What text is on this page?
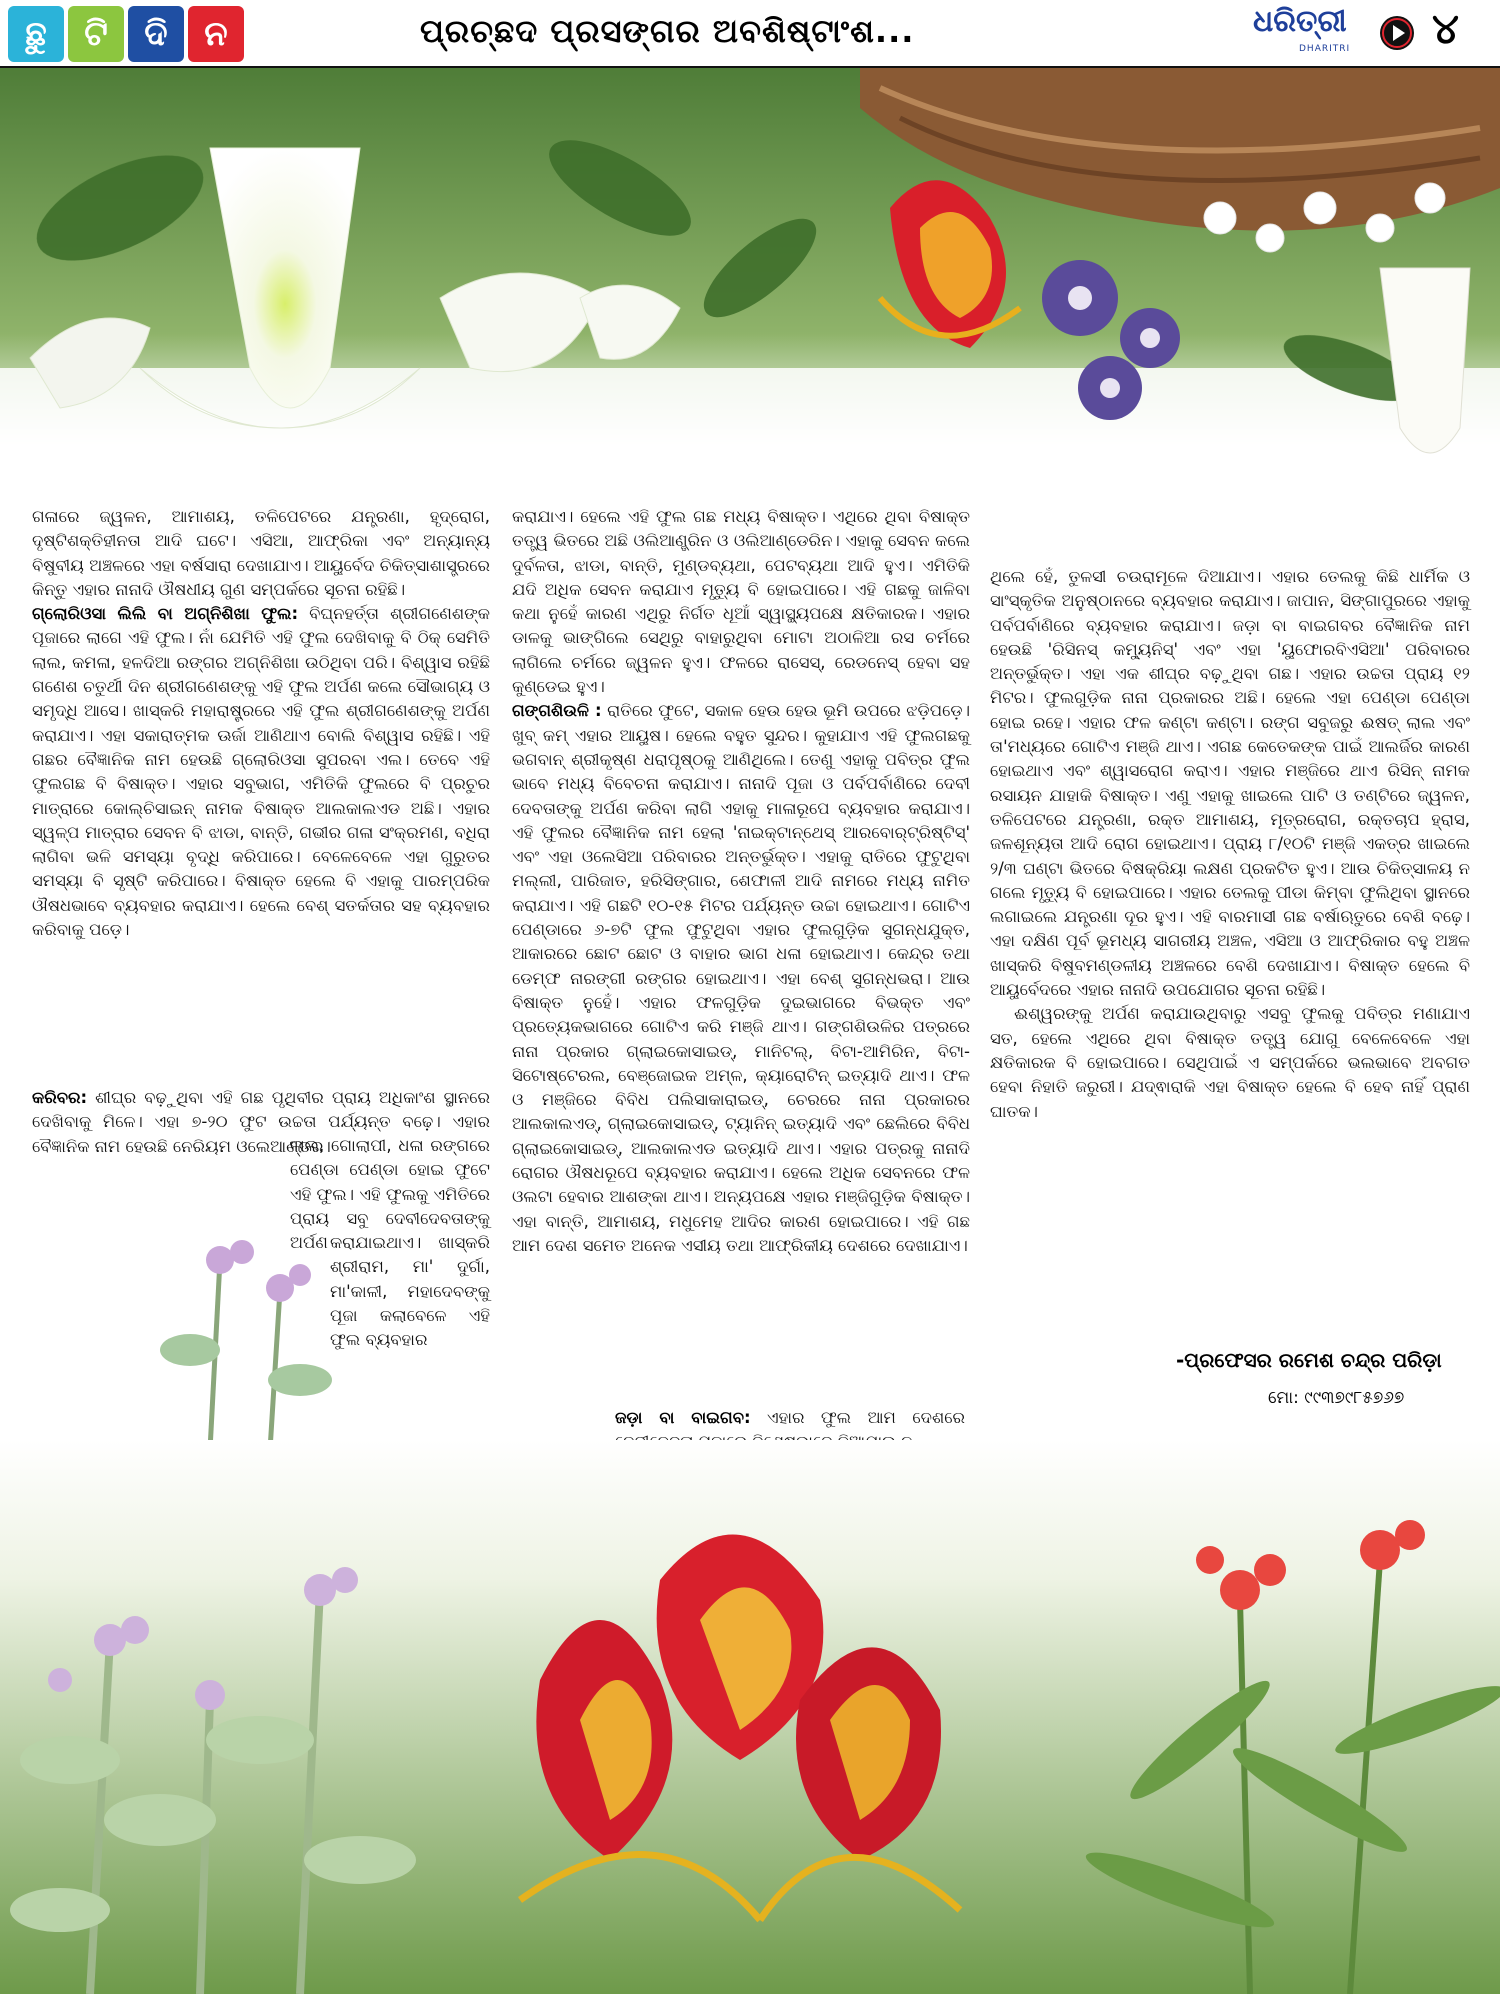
ଛୁ ଟି ଦି ନ	ପ୍ରଚ୍ଛଦ ପ୍ରସଙ୍ଗର ଅବଶିଷ୍ଟାଂଶ...	ଧରିତ୍ରୀ
DHARITRI ୪

ଗଳାରେ ଜ୍ୱଳନ, ଆମାଶୟ, ତଳିପେଟରେ ଯନ୍ତ୍ରଣା, ହୃଦ୍‌ରୋଗ, ଦୃଷ୍ଟିଶକ୍ତିହୀନତା ଆଦି ଘଟେ। ଏସିଆ, ଆଫ୍ରିକା ଏବଂ ଅନ୍ୟାନ୍ୟ ବିଷୁବୀୟ ଅଞ୍ଚଳରେ ଏହା ବର୍ଷସାରା ଦେଖାଯାଏ। ଆୟୁର୍ବେଦ ଚିକିତ୍ସାଶାସ୍ତ୍ରରେ କିନ୍ତୁ ଏହାର ନାନାଦି ଔଷଧୀୟ ଗୁଣ ସମ୍ପର୍କରେ ସୂଚନା ରହିଛି।

ଗ୍ଲୋରିଓସା ଲିଲି ବା ଅଗ୍ନିଶିଖା ଫୁଲ: ବିଘ୍ନହର୍ତ୍ତା ଶ୍ରୀଗଣେଶଙ୍କ ପୂଜାରେ ଲାଗେ ଏହି ଫୁଲ। ନାଁ ଯେମିତି ଏହି ଫୁଲ ଦେଖିବାକୁ ବି ଠିକ୍ ସେମିତି ଲାଲ, କମଳା, ହଳଦିଆ ରଙ୍ଗର ଅଗ୍ନିଶିଖା ଉଠିଥିବା ପରି। ବିଶ୍ୱାସ ରହିଛି ଗଣେଶ ଚତୁର୍ଥୀ ଦିନ ଶ୍ରୀଗଣେଶଙ୍କୁ ଏହି ଫୁଲ ଅର୍ପଣ କଲେ ସୌଭାଗ୍ୟ ଓ ସମୃଦ୍ଧି ଆସେ। ଖାସ୍‌କରି ମହାରାଷ୍ଟ୍ରରେ ଏହି ଫୁଲ ଶ୍ରୀଗଣେଶଙ୍କୁ ଅର୍ପଣ କରାଯାଏ। ଏହା ସକାରାତ୍ମକ ଊର୍ଜା ଆଣିଥାଏ ବୋଲି ବିଶ୍ୱାସ ରହିଛି। ଏହି ଗଛର ବୈଜ୍ଞାନିକ ନାମ ହେଉଛି ଗ୍ଲୋରିଓସା ସୁପରବା ଏଲ। ତେବେ ଏହି ଫୁଲଗଛ ବି ବିଷାକ୍ତ। ଏହାର ସବୁଭାଗ, ଏମିତିକି ଫୁଲରେ ବି ପ୍ରଚୁର ମାତ୍ରାରେ କୋଲ୍‌ଚିସାଇନ୍ ନାମକ ବିଷାକ୍ତ ଆଲକାଲଏଡ ଅଛି। ଏହାର ସ୍ୱଳ୍ପ ମାତ୍ରାର ସେବନ ବି ଝାଡା, ବାନ୍ତି, ଗଭୀର ଗଳା ସଂକ୍ରମଣ, ବଧିରା ଲାଗିବା ଭଳି ସମସ୍ୟା ବୃଦ୍ଧି କରିପାରେ। ବେଳେବେଳେ ଏହା ଗୁରୁତର ସମସ୍ୟା ବି ସୃଷ୍ଟି କରିପାରେ। ବିଷାକ୍ତ ହେଲେ ବି ଏହାକୁ ପାରମ୍ପରିକ ଔଷଧଭାବେ ବ୍ୟବହାର କରାଯାଏ। ହେଲେ ବେଶ୍ ସତର୍କତାର ସହ ବ୍ୟବହାର କରିବାକୁ ପଡ଼େ।

କରିବର: ଶୀଘ୍ର ବଢ଼ୁଥିବା ଏହି ଗଛ ପୃଥିବୀର ପ୍ରାୟ ଅଧିକାଂଶ ସ୍ଥାନରେ ଦେଖିବାକୁ ମିଳେ। ଏହା ୭-୨୦ ଫୁଟ ଉଚ୍ଚତା ପର୍ଯ୍ୟନ୍ତ ବଢ଼େ। ଏହାର ବୈଜ୍ଞାନିକ ନାମ ହେଉଛି ନେରିୟମ ଓଲେଆଣ୍ଡର।

ଲାଲ, ଗୋଲାପୀ, ଧଳା ରଙ୍ଗରେ ପେଣ୍ଡା ପେଣ୍ଡା ହୋଇ ଫୁଟେ ଏହି ଫୁଲ। ଏହି ଫୁଲକୁ ଏମିତିରେ ପ୍ରାୟ ସବୁ ଦେବୀଦେବତାଙ୍କୁ ଅର୍ପଣ କରାଯାଇଥାଏ। ଖାସ୍‌କରି ଶ୍ରୀରାମ, ମା' ଦୁର୍ଗା, ମା'କାଳୀ, ମହାଦେବଙ୍କୁ ପୂଜା କଲାବେଳେ ଏହି ଫୁଲ ବ୍ୟବହାର

କରାଯାଏ। ହେଲେ ଏହି ଫୁଲ ଗଛ ମଧ୍ୟ ବିଷାକ୍ତ। ଏଥିରେ ଥିବା ବିଷାକ୍ତ ତତ୍ତ୍ୱ ଭିତରେ ଅଛି ଓଲିଆଣ୍ଡ୍ରିନ ଓ ଓଲିଆଣ୍ଡେରିନ। ଏହାକୁ ସେବନ କଲେ ଦୁର୍ବଳତା, ଝାଡା, ବାନ୍ତି, ମୁଣ୍ଡବ୍ୟଥା, ପେଟବ୍ୟଥା ଆଦି ହୁଏ। ଏମିତିକି ଯଦି ଅଧିକ ସେବନ କରାଯାଏ ମୃତ୍ୟୁ ବି ହୋଇପାରେ। ଏହି ଗଛକୁ ଜାଳିବା କଥା ନୁହେଁ କାରଣ ଏଥିରୁ ନିର୍ଗତ ଧୂଆଁ ସ୍ୱାସ୍ଥ୍ୟପକ୍ଷେ କ୍ଷତିକାରକ। ଏହାର ଡାଳକୁ ଭାଙ୍ଗିଲେ ସେଥିରୁ ବାହାରୁଥିବା ମୋଟା ଅଠାଳିଆ ରସ ଚର୍ମରେ ଲାଗିଲେ ଚର୍ମରେ ଜ୍ୱଳନ ହୁଏ। ଫଳରେ ରାସେସ୍, ରେଡନେସ୍ ହେବା ସହ କୁଣ୍ଡେଇ ହୁଏ।

ଗଙ୍ଗଶିଉଳି : ରାତିରେ ଫୁଟେ, ସକାଳ ହେଉ ହେଉ ଭୂମି ଉପରେ ଝଡ଼ିପଡ଼େ। ଖୁବ୍ କମ୍ ଏହାର ଆୟୁଷ। ହେଲେ ବହୁତ ସୁନ୍ଦର। କୁହାଯାଏ ଏହି ଫୁଲଗଛକୁ ଭଗବାନ୍ ଶ୍ରୀକୃଷ୍ଣ ଧରାପୃଷ୍ଠକୁ ଆଣିଥିଲେ। ତେଣୁ ଏହାକୁ ପବିତ୍ର ଫୁଲ ଭାବେ ମଧ୍ୟ ବିବେଚନା କରାଯାଏ। ନାନାଦି ପୂଜା ଓ ପର୍ବପର୍ବାଣିରେ ଦେବୀ ଦେବତାଙ୍କୁ ଅର୍ପଣ କରିବା ଲାଗି ଏହାକୁ ମାଳାରୂପେ ବ୍ୟବହାର କରାଯାଏ। ଏହି ଫୁଲର ବୈଜ୍ଞାନିକ ନାମ ହେଲା 'ନାଇକ୍ଟାନ୍‌ଥେସ୍ ଆରବୋର୍‌ଟ୍ରିଷ୍ଟିସ୍' ଏବଂ ଏହା ଓଲେସିଆ ପରିବାରର ଅନ୍ତର୍ଭୁକ୍ତ। ଏହାକୁ ରାତିରେ ଫୁଟୁଥିବା ମଲ୍ଲୀ, ପାରିଜାତ, ହରିସିଙ୍ଗାର, ଶେଫାଳୀ ଆଦି ନାମରେ ମଧ୍ୟ ନାମିତ କରାଯାଏ। ଏହି ଗଛଟି ୧୦-୧୫ ମିଟର ପର୍ଯ୍ୟନ୍ତ ଉଚ୍ଚା ହୋଇଥାଏ। ଗୋଟିଏ ପେଣ୍ଡାରେ ୬-୭ଟି ଫୁଲ ଫୁଟୁଥିବା ଏହାର ଫୁଲଗୁଡ଼ିକ ସୁଗନ୍ଧଯୁକ୍ତ, ଆକାରରେ ଛୋଟ ଛୋଟ ଓ ବାହାର ଭାଗ ଧଳା ହୋଇଥାଏ। କେନ୍ଦ୍ର ତଥା ଡେମ୍ଫ ନାରଙ୍ଗୀ ରଙ୍ଗର ହୋଇଥାଏ। ଏହା ବେଶ୍ ସୁଗନ୍ଧଭରା। ଆଉ ବିଷାକ୍ତ ନୁହେଁ। ଏହାର ଫଳଗୁଡ଼ିକ ଦୁଇଭାଗରେ ବିଭକ୍ତ ଏବଂ ପ୍ରତ୍ୟେକଭାଗରେ ଗୋଟିଏ କରି ମଞ୍ଜି ଥାଏ। ଗଙ୍ଗଶିଉଳିର ପତ୍ରରେ ନାନା ପ୍ରକାର ଗ୍ଲାଇକୋସାଇଡ୍, ମାନିଟଲ୍, ବିଟା-ଆମିରିନ, ବିଟା-ସିଟୋଷ୍ଟେରଲ, ବେଞ୍ଜୋଇକ ଅମ୍ଳ, କ୍ୟାରୋଟିନ୍ ଇତ୍ୟାଦି ଥାଏ। ଫଳ ଓ ମଞ୍ଜିରେ ବିବିଧ ପଲିସାକାରାଇଡ୍, ଚେରରେ ନାନା ପ୍ରକାରର ଆଲକାଲଏଡ୍, ଗ୍ଲାଇକୋସାଇଡ୍, ଟ୍ୟାନିନ୍ ଇତ୍ୟାଦି ଏବଂ ଛେଲିରେ ବିବିଧ ଗ୍ଲାଇକୋସାଇଡ୍, ଆଲକାଲଏଡ ଇତ୍ୟାଦି ଥାଏ। ଏହାର ପତ୍ରକୁ ନାନାଦି ରୋଗର ଔଷଧରୂପେ ବ୍ୟବହାର କରାଯାଏ। ହେଲେ ଅଧିକ ସେବନରେ ଫଳ ଓଲଟା ହେବାର ଆଶଙ୍କା ଥାଏ। ଅନ୍ୟପକ୍ଷେ ଏହାର ମଞ୍ଜିଗୁଡ଼ିକ ବିଷାକ୍ତ। ଏହା ବାନ୍ତି, ଆମାଶୟ, ମଧୁମେହ ଆଦିର କାରଣ ହୋଇପାରେ। ଏହି ଗଛ ଆମ ଦେଶ ସମେତ ଅନେକ ଏସୀୟ ତଥା ଆଫ୍ରିକୀୟ ଦେଶରେ ଦେଖାଯାଏ।

ଜଡ଼ା ବା ବାଇଗବ: ଏହାର ଫୁଲ ଆମ ଦେଶରେ

ଥିଲେ ହେଁ, ତୁଳସୀ ଚଉରାମୂଳେ ଦିଆଯାଏ। ଏହାର ତେଲକୁ କିଛି ଧାର୍ମିକ ଓ ସାଂସ୍କୃତିକ ଅନୁଷ୍ଠାନରେ ବ୍ୟବହାର କରାଯାଏ। ଜାପାନ, ସିଙ୍ଗାପୁରରେ ଏହାକୁ ପର୍ବପର୍ବାଣିରେ ବ୍ୟବହାର କରାଯାଏ। ଜଡ଼ା ବା ବାଇଗବର ବୈଜ୍ଞାନିକ ନାମ ହେଉଛି 'ରିସିନସ୍ କମ୍ୟୁନିସ୍' ଏବଂ ଏହା 'ୟୁଫୋରବିଏସିଆ' ପରିବାରର ଅନ୍ତର୍ଭୁକ୍ତ। ଏହା ଏକ ଶୀଘ୍ର ବଢ଼ୁଥିବା ଗଛ। ଏହାର ଉଚ୍ଚତା ପ୍ରାୟ ୧୨ ମିଟର। ଫୁଲଗୁଡ଼ିକ ନାନା ପ୍ରକାରର ଅଛି। ହେଲେ ଏହା ପେଣ୍ଡା ପେଣ୍ଡା ହୋଇ ରହେ। ଏହାର ଫଳ କଣ୍ଟା କଣ୍ଟା। ରଙ୍ଗ ସବୁଜରୁ ଈଷତ୍ ଲାଲ ଏବଂ ତା'ମଧ୍ୟରେ ଗୋଟିଏ ମଞ୍ଜି ଥାଏ। ଏଗଛ କେତେକଙ୍କ ପାଇଁ ଆଲର୍ଜିର କାରଣ ହୋଇଥାଏ ଏବଂ ଶ୍ୱାସରୋଗ କରାଏ। ଏହାର ମଞ୍ଜିରେ ଥାଏ ରିସିନ୍ ନାମକ ରସାୟନ ଯାହାକି ବିଷାକ୍ତ। ଏଣୁ ଏହାକୁ ଖାଇଲେ ପାଟି ଓ ତଣ୍ଟିରେ ଜ୍ୱଳନ, ତଳିପେଟରେ ଯନ୍ତ୍ରଣା, ରକ୍ତ ଆମାଶୟ, ମୂତ୍ରରୋଗ, ରକ୍ତଚାପ ହ୍ରାସ, ଜଳଶୂନ୍ୟତା ଆଦି ରୋଗ ହୋଇଥାଏ। ପ୍ରାୟ ୮/୧୦ଟି ମଞ୍ଜି ଏକତ୍ର ଖାଇଲେ ୨/୩ ଘଣ୍ଟା ଭିତରେ ବିଷକ୍ରିୟା ଲକ୍ଷଣ ପ୍ରକଟିତ ହୁଏ। ଆଉ ଚିକିତ୍ସାଳୟ ନ ଗଲେ ମୃତ୍ୟୁ ବି ହୋଇପାରେ। ଏହାର ତେଲକୁ ପୀଡା କିମ୍ବା ଫୁଲିଥିବା ସ୍ଥାନରେ ଲଗାଇଲେ ଯନ୍ତ୍ରଣା ଦୂର ହୁଏ। ଏହି ବାରମାସୀ ଗଛ ବର୍ଷାଋତୁରେ ବେଶି ବଢ଼େ। ଏହା ଦକ୍ଷିଣ ପୂର୍ବ ଭୂମଧ୍ୟ ସାଗରୀୟ ଅଞ୍ଚଳ, ଏସିଆ ଓ ଆଫ୍ରିକାର ବହୁ ଅଞ୍ଚଳ ଖାସ୍‌କରି ବିଷୁବମଣ୍ଡଳୀୟ ଅଞ୍ଚଳରେ ବେଶି ଦେଖାଯାଏ। ବିଷାକ୍ତ ହେଲେ ବି ଆୟୁର୍ବେଦରେ ଏହାର ନାନାଦି ଉପଯୋଗର ସୂଚନା ରହିଛି।

ଈଶ୍ୱରଙ୍କୁ ଅର୍ପଣ କରାଯାଉଥିବାରୁ ଏସବୁ ଫୁଲକୁ ପବିତ୍ର ମଣାଯାଏ ସତ, ହେଲେ ଏଥିରେ ଥିବା ବିଷାକ୍ତ ତତ୍ତ୍ୱ ଯୋଗୁ ବେଳେବେଳେ ଏହା କ୍ଷତିକାରକ ବି ହୋଇପାରେ। ସେଥିପାଇଁ ଏ ସମ୍ପର୍କରେ ଭଲଭାବେ ଅବଗତ ହେବା ନିହାତି ଜରୁରୀ। ଯଦ୍ଵାରାକି ଏହା ବିଷାକ୍ତ ହେଲେ ବି ହେବ ନାହିଁ ପ୍ରାଣ ଘାତକ।

-ପ୍ରଫେସର ରମେଶ ଚନ୍ଦ୍ର ପରିଡ଼ା
ମୋ: ୯୯୩୭୯୮୫୭୬୭
